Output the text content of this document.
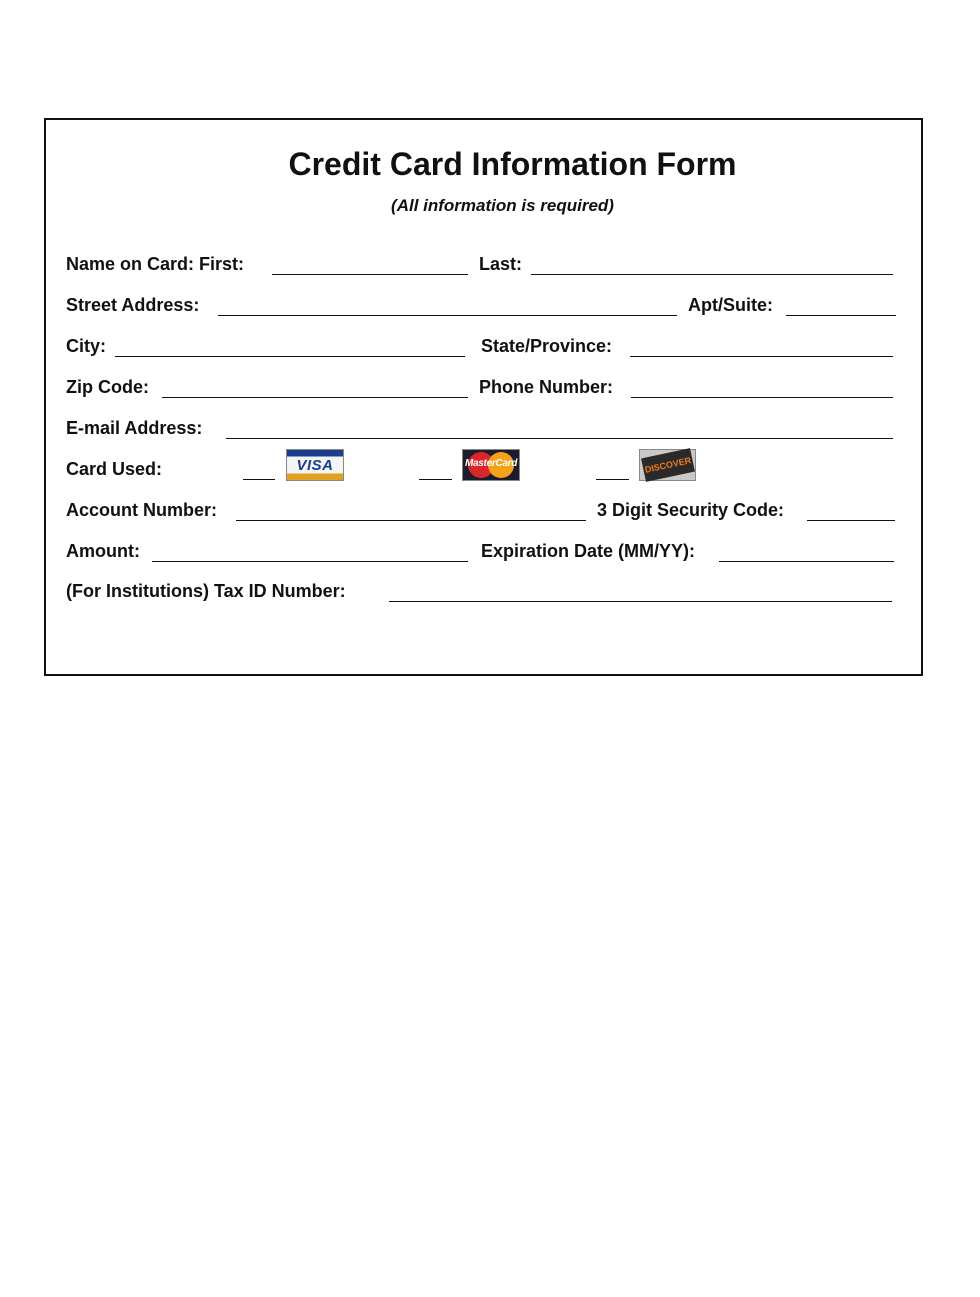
Credit Card Information Form
(All information is required)
Name on Card: First:	Last:
Street Address:	Apt/Suite:
City:	State/Province:
Zip Code:	Phone Number:
E-mail Address:
Card Used:	VISA	MasterCard	DISCOVER
Account Number:	3 Digit Security Code:
Amount:	Expiration Date (MM/YY):
(For Institutions) Tax ID Number:
